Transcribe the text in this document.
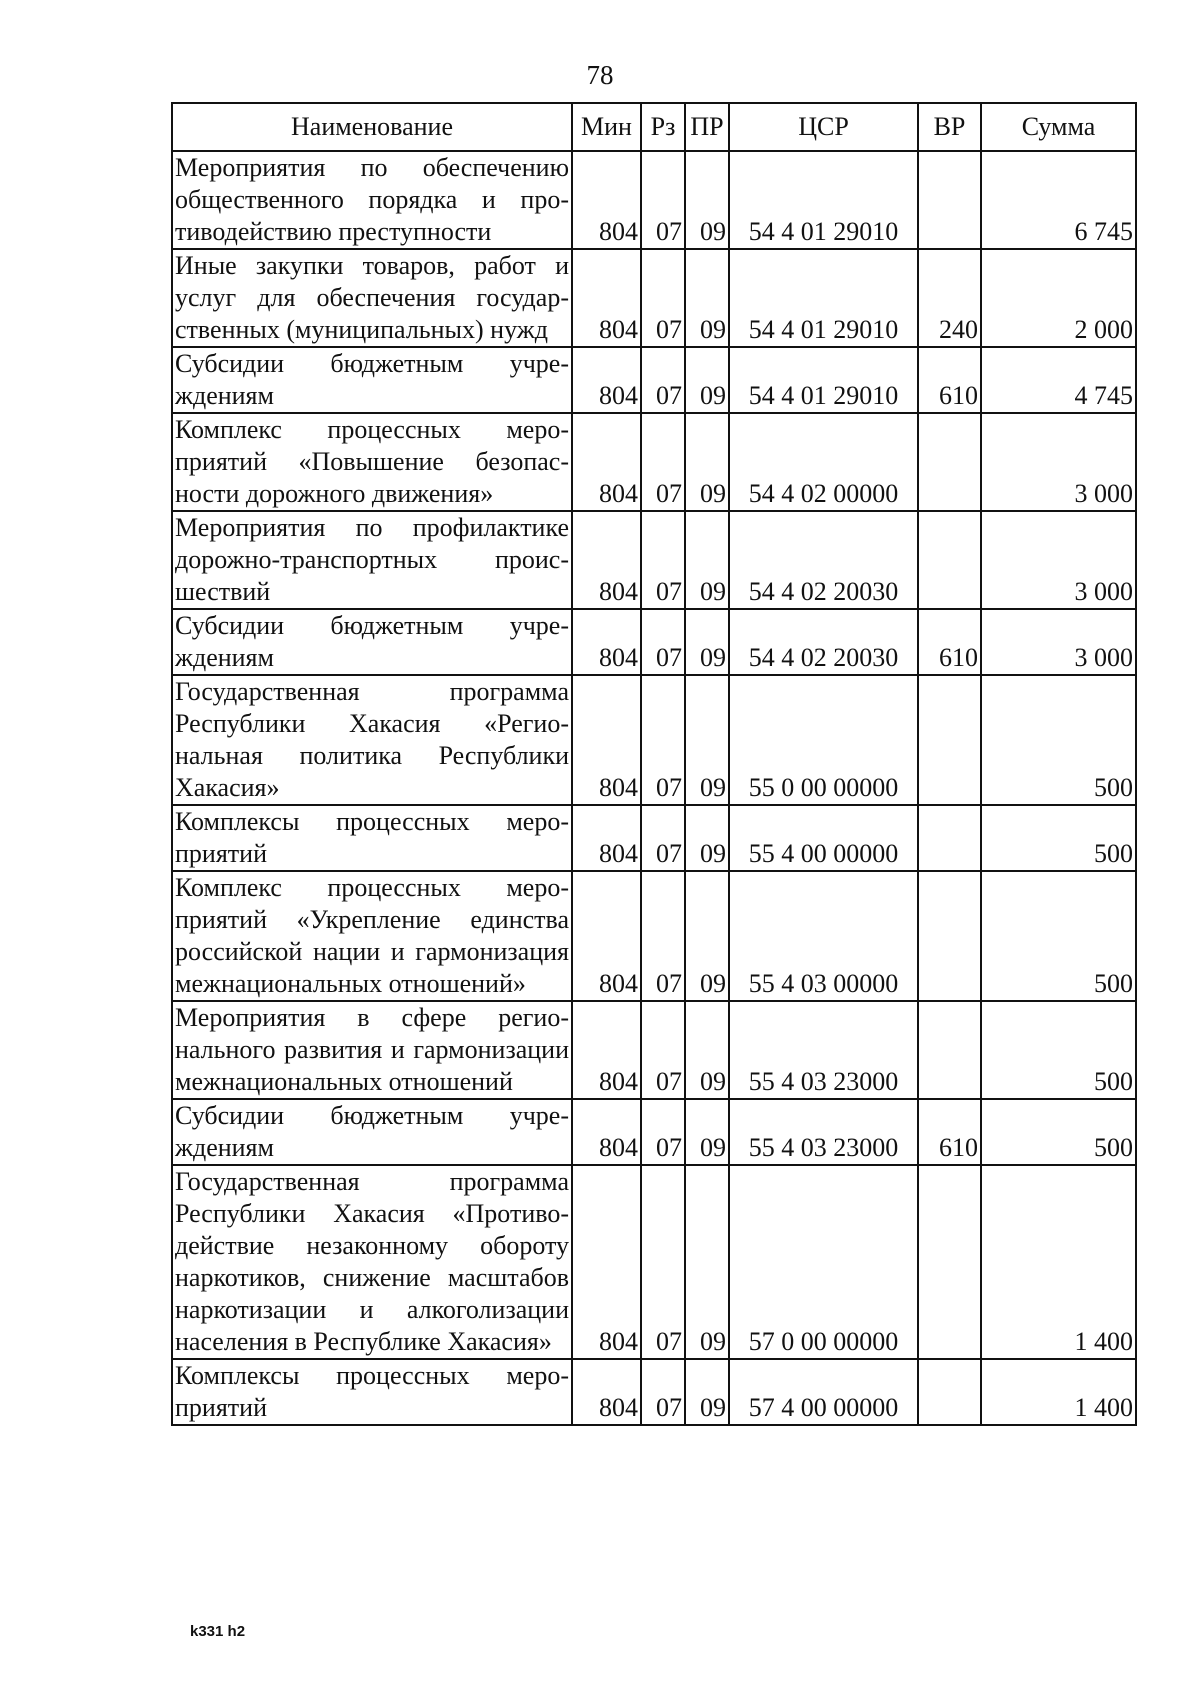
78
Наименование	Мин	Рз	ПР	ЦСР	ВР	Сумма
Мероприятия по обеспечению общественного порядка и противодействию преступности	804	07	09	54 4 01 29010		6 745
Иные закупки товаров, работ и услуг для обеспечения государственных (муниципальных) нужд	804	07	09	54 4 01 29010	240	2 000
Субсидии бюджетным учреждениям	804	07	09	54 4 01 29010	610	4 745
Комплекс процессных мероприятий «Повышение безопасности дорожного движения»	804	07	09	54 4 02 00000		3 000
Мероприятия по профилактике дорожно-транспортных происшествий	804	07	09	54 4 02 20030		3 000
Субсидии бюджетным учреждениям	804	07	09	54 4 02 20030	610	3 000
Государственная программа Республики Хакасия «Региональная политика Республики Хакасия»	804	07	09	55 0 00 00000		500
Комплексы процессных мероприятий	804	07	09	55 4 00 00000		500
Комплекс процессных мероприятий «Укрепление единства российской нации и гармонизация межнациональных отношений»	804	07	09	55 4 03 00000		500
Мероприятия в сфере регионального развития и гармонизации межнациональных отношений	804	07	09	55 4 03 23000		500
Субсидии бюджетным учреждениям	804	07	09	55 4 03 23000	610	500
Государственная программа Республики Хакасия «Противодействие незаконному обороту наркотиков, снижение масштабов наркотизации и алкоголизации населения в Республике Хакасия»	804	07	09	57 0 00 00000		1 400
Комплексы процессных мероприятий	804	07	09	57 4 00 00000		1 400
k331 h2
